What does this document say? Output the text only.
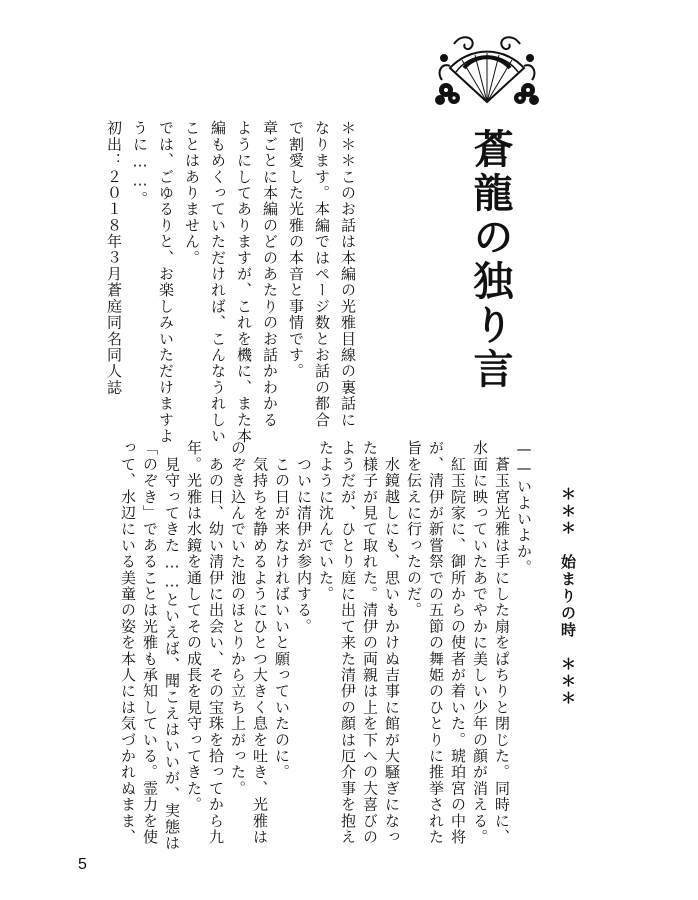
蒼龍の独り言
＊＊＊このお話は本編の光雅目線の裏話に
なります。本編ではページ数とお話の都合
で割愛した光雅の本音と事情です。
章ごとに本編のどのあたりのお話かわかる
ようにしてありますが、これを機に、また本
編もめくっていただければ、こんなうれしい
ことはありません。
では、ごゆるりと、お楽しみいただけますよ
うに……。
初出：２０１８年３月蒼庭同名同人誌
＊＊＊　始まりの時　＊＊＊
——いよいよか。
　蒼玉宮光雅は手にした扇をぱちりと閉じた。同時に、
水面に映っていたあでやかに美しい少年の顔が消える。
　紅玉院家に、御所からの使者が着いた。琥珀宮の中将
が、清伊が新嘗祭での五節の舞姫のひとりに推挙された
旨を伝えに行ったのだ。
　水鏡越しにも、思いもかけぬ吉事に館が大騒ぎになっ
た様子が見て取れた。清伊の両親は上を下への大喜びの
ようだが、ひとり庭に出て来た清伊の顔は厄介事を抱え
たように沈んでいた。
　ついに清伊が参内する。
　この日が来なければいいと願っていたのに。
　気持ちを静めるようにひとつ大きく息を吐き、光雅は
のぞき込んでいた池のほとりから立ち上がった。
　あの日、幼い清伊に出会い、その宝珠を拾ってから九
年。光雅は水鏡を通してその成長を見守ってきた。
　見守ってきた……といえば、聞こえはいいが、実態は
「のぞき」であることは光雅も承知している。霊力を使
って、水辺にいる美童の姿を本人には気づかれぬまま、
5
